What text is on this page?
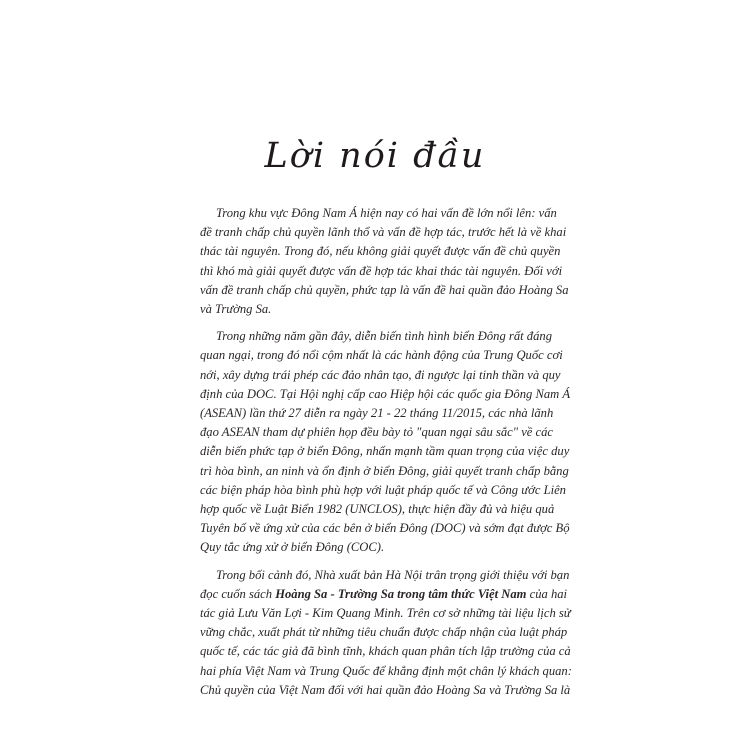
Lời nói đầu

Trong khu vực Đông Nam Á hiện nay có hai vấn đề lớn nổi lên: vấn
đề tranh chấp chủ quyền lãnh thổ và vấn đề hợp tác, trước hết là về khai
thác tài nguyên. Trong đó, nếu không giải quyết được vấn đề chủ quyền
thì khó mà giải quyết được vấn đề hợp tác khai thác tài nguyên. Đối với
vấn đề tranh chấp chủ quyền, phức tạp là vấn đề hai quần đảo Hoàng Sa
và Trường Sa.

Trong những năm gần đây, diễn biến tình hình biển Đông rất đáng
quan ngại, trong đó nổi cộm nhất là các hành động của Trung Quốc cơi
nới, xây dựng trái phép các đảo nhân tạo, đi ngược lại tinh thần và quy
định của DOC. Tại Hội nghị cấp cao Hiệp hội các quốc gia Đông Nam Á
(ASEAN) lần thứ 27 diễn ra ngày 21 - 22 tháng 11/2015, các nhà lãnh
đạo ASEAN tham dự phiên họp đều bày tỏ "quan ngại sâu sắc" về các
diễn biến phức tạp ở biển Đông, nhấn mạnh tầm quan trọng của việc duy
trì hòa bình, an ninh và ổn định ở biển Đông, giải quyết tranh chấp bằng
các biện pháp hòa bình phù hợp với luật pháp quốc tế và Công ước Liên
hợp quốc về Luật Biển 1982 (UNCLOS), thực hiện đầy đủ và hiệu quả
Tuyên bố về ứng xử của các bên ở biển Đông (DOC) và sớm đạt được Bộ
Quy tắc ứng xử ở biển Đông (COC).

Trong bối cảnh đó, Nhà xuất bản Hà Nội trân trọng giới thiệu với bạn
đọc cuốn sách Hoàng Sa - Trường Sa trong tâm thức Việt Nam của hai
tác giả Lưu Văn Lợi - Kim Quang Minh. Trên cơ sở những tài liệu lịch sử
vững chắc, xuất phát từ những tiêu chuẩn được chấp nhận của luật pháp
quốc tế, các tác giả đã bình tĩnh, khách quan phân tích lập trường của cả
hai phía Việt Nam và Trung Quốc để khẳng định một chân lý khách quan:
Chủ quyền của Việt Nam đối với hai quần đảo Hoàng Sa và Trường Sa là
